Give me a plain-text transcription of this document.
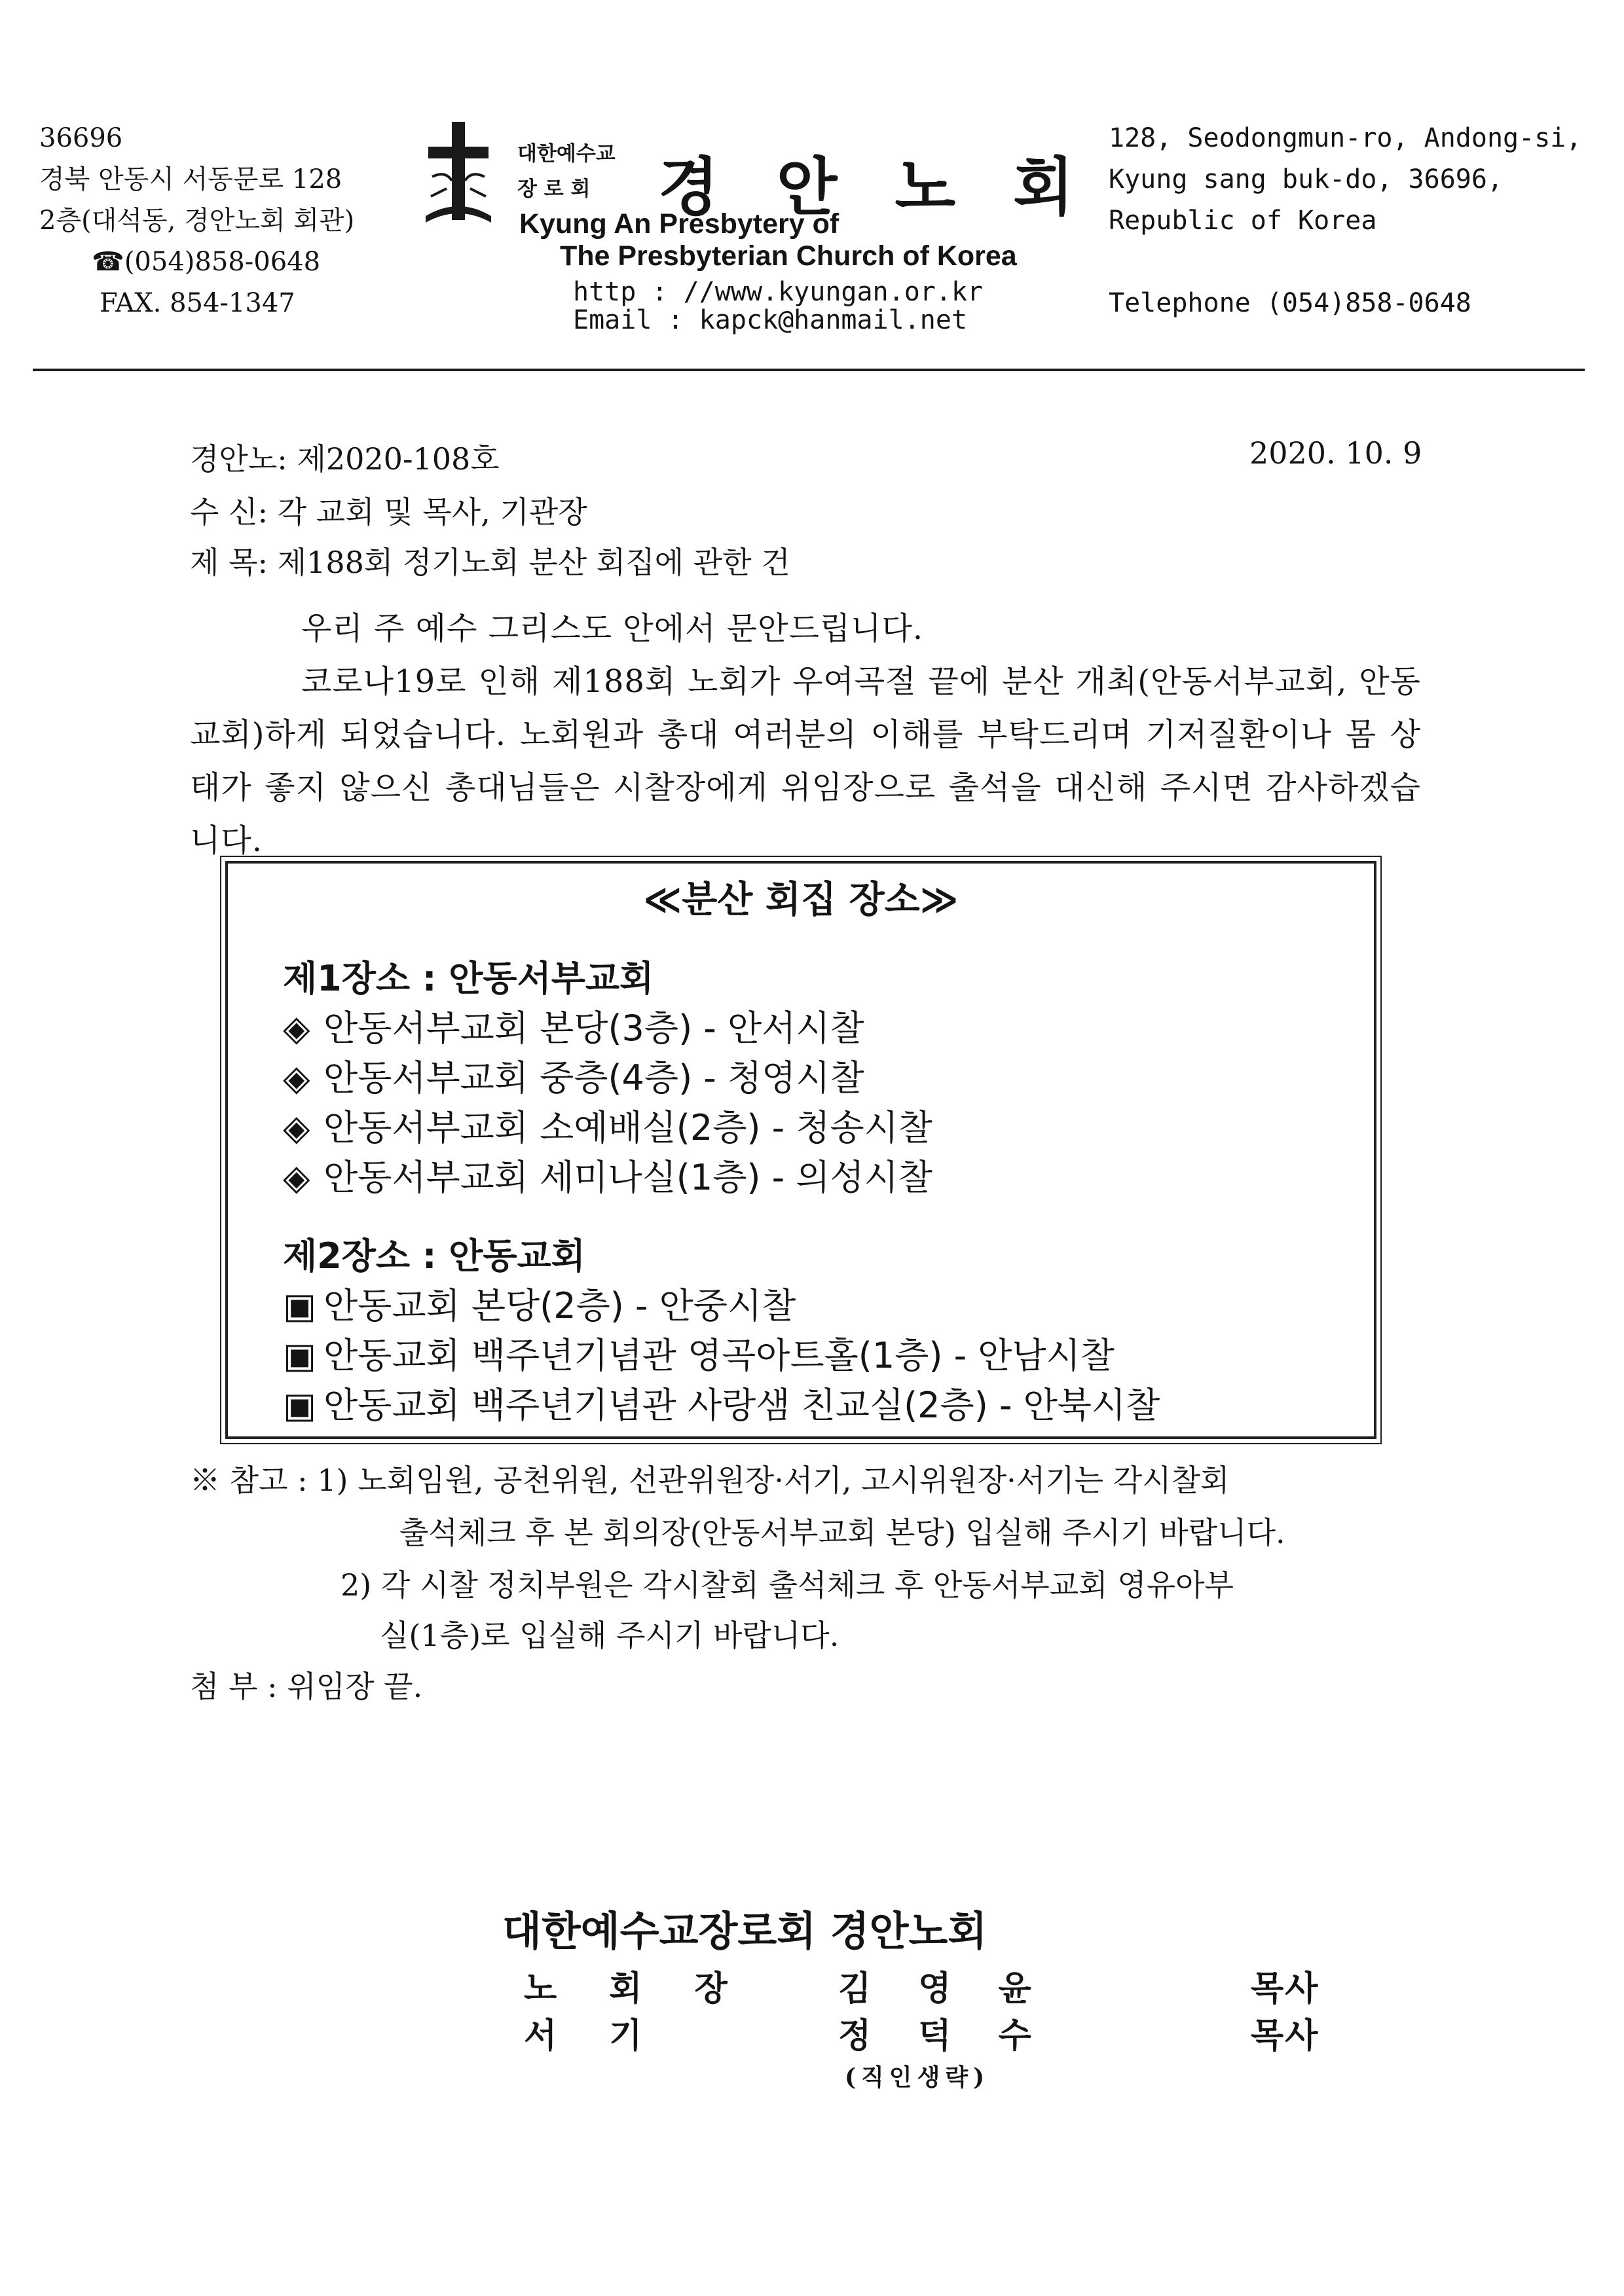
36696
경북 안동시 서동문로 128
2층(대석동, 경안노회 회관)
☎(054)858-0648
FAX. 854-1347
대한예수교
장 로 회	경안노회
Kyung An Presbytery of
The Presbyterian Church of Korea
http : //www.kyungan.or.kr
Email : kapck@hanmail.net
128, Seodongmun-ro, Andong-si,
Kyung sang buk-do, 36696,
Republic of Korea
Telephone (054)858-0648
경안노: 제2020-108호	2020. 10. 9
수 신: 각 교회 및 목사, 기관장
제 목: 제188회 정기노회 분산 회집에 관한 건

우리 주 예수 그리스도 안에서 문안드립니다.

코로나19로 인해 제188회 노회가 우여곡절 끝에 분산 개최(안동서부교회, 안동교회)하게 되었습니다. 노회원과 총대 여러분의 이해를 부탁드리며 기저질환이나 몸 상태가 좋지 않으신 총대님들은 시찰장에게 위임장으로 출석을 대신해 주시면 감사하겠습니다.

≪분산 회집 장소≫
제1장소 : 안동서부교회
◈ 안동서부교회 본당(3층) - 안서시찰
◈ 안동서부교회 중층(4층) - 청영시찰
◈ 안동서부교회 소예배실(2층) - 청송시찰
◈ 안동서부교회 세미나실(1층) - 의성시찰
제2장소 : 안동교회
▣ 안동교회 본당(2층) - 안중시찰
▣ 안동교회 백주년기념관 영곡아트홀(1층) - 안남시찰
▣ 안동교회 백주년기념관 사랑샘 친교실(2층) - 안북시찰
※ 참고 : 1) 노회임원, 공천위원, 선관위원장·서기, 고시위원장·서기는 각시찰회
출석체크 후 본 회의장(안동서부교회 본당) 입실해 주시기 바랍니다.
2) 각 시찰 정치부원은 각시찰회 출석체크 후 안동서부교회 영유아부
실(1층)로 입실해 주시기 바랍니다.
첨 부 : 위임장 끝.
대한예수교장로회 경안노회
노회장 김영윤	목사
서기	정덕수	목사
(직인생략)
